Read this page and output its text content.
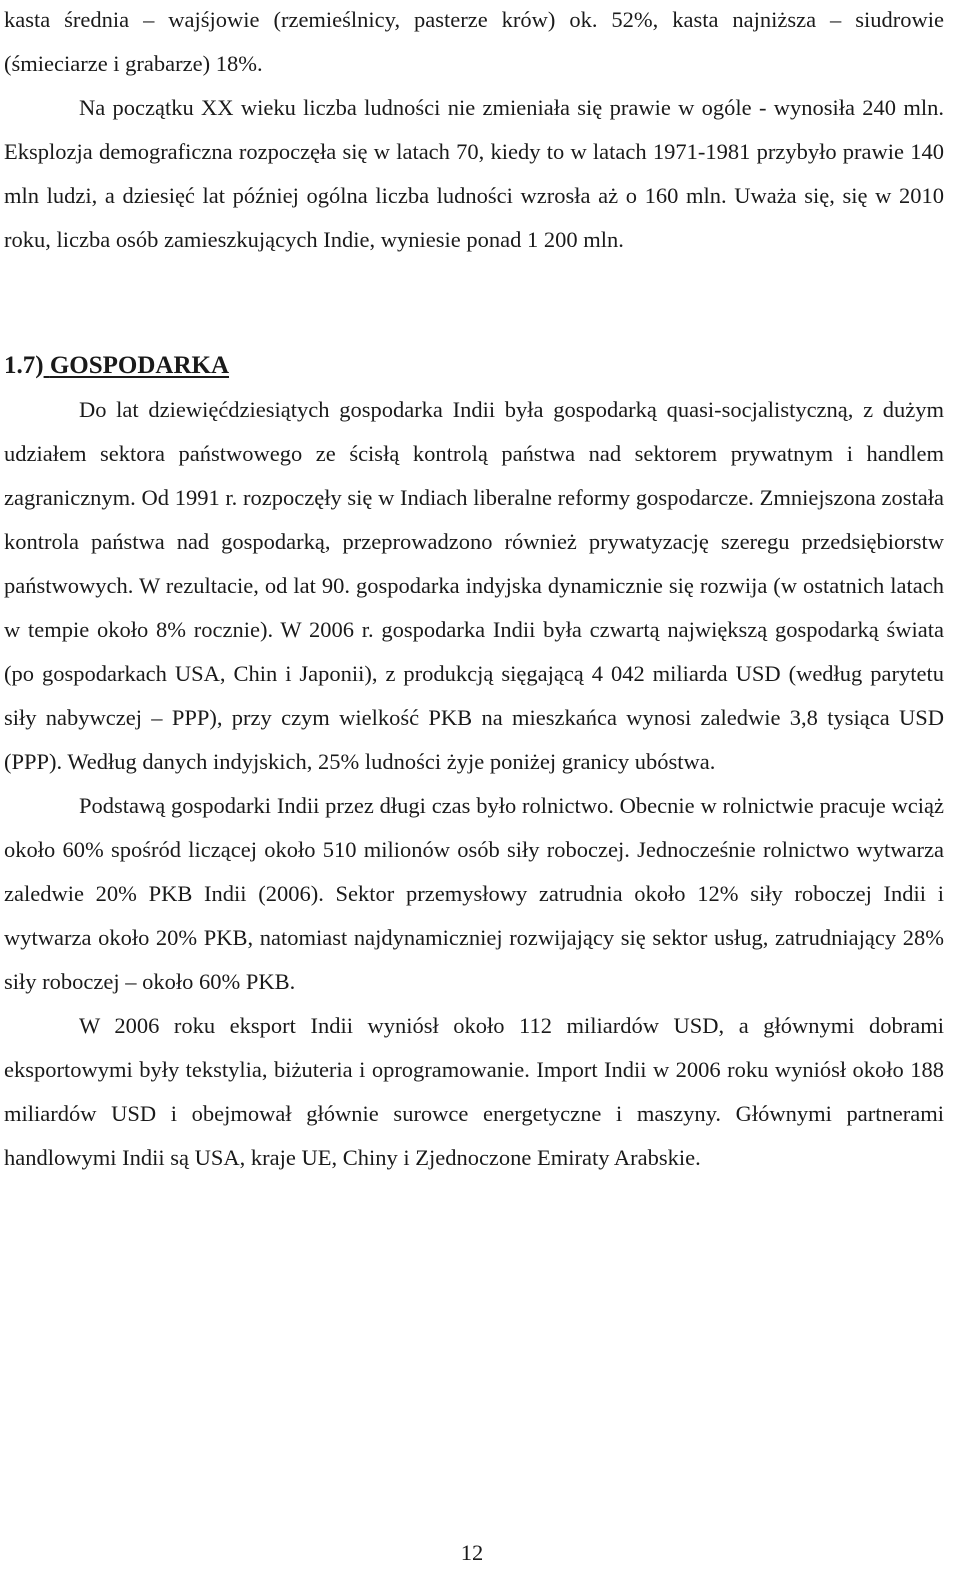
kasta średnia – wajśjowie (rzemieślnicy, pasterze krów) ok. 52%, kasta najniższa – siudrowie (śmieciarze i grabarze) 18%.

Na początku XX wieku liczba ludności nie zmieniała się prawie w ogóle - wynosiła 240 mln. Eksplozja demograficzna rozpoczęła się w latach 70, kiedy to w latach 1971-1981 przybyło prawie 140 mln ludzi, a dziesięć lat później ogólna liczba ludności wzrosła aż o 160 mln. Uważa się, się w 2010 roku, liczba osób zamieszkujących Indie, wyniesie ponad 1 200 mln.

1.7) GOSPODARKA

Do lat dziewięćdziesiątych gospodarka Indii była gospodarką quasi-socjalistyczną, z dużym udziałem sektora państwowego ze ścisłą kontrolą państwa nad sektorem prywatnym i handlem zagranicznym. Od 1991 r. rozpoczęły się w Indiach liberalne reformy gospodarcze. Zmniejszona została kontrola państwa nad gospodarką, przeprowadzono również prywatyzację szeregu przedsiębiorstw państwowych. W rezultacie, od lat 90. gospodarka indyjska dynamicznie się rozwija (w ostatnich latach w tempie około 8% rocznie). W 2006 r. gospodarka Indii była czwartą największą gospodarką świata (po gospodarkach USA, Chin i Japonii), z produkcją sięgającą 4 042 miliarda USD (według parytetu siły nabywczej – PPP), przy czym wielkość PKB na mieszkańca wynosi zaledwie 3,8 tysiąca USD (PPP). Według danych indyjskich, 25% ludności żyje poniżej granicy ubóstwa.

Podstawą gospodarki Indii przez długi czas było rolnictwo. Obecnie w rolnictwie pracuje wciąż około 60% spośród liczącej około 510 milionów osób siły roboczej. Jednocześnie rolnictwo wytwarza zaledwie 20% PKB Indii (2006). Sektor przemysłowy zatrudnia około 12% siły roboczej Indii i wytwarza około 20% PKB, natomiast najdynamiczniej rozwijający się sektor usług, zatrudniający 28% siły roboczej – około 60% PKB.

W 2006 roku eksport Indii wyniósł około 112 miliardów USD, a głównymi dobrami eksportowymi były tekstylia, biżuteria i oprogramowanie. Import Indii w 2006 roku wyniósł około 188 miliardów USD i obejmował głównie surowce energetyczne i maszyny. Głównymi partnerami handlowymi Indii są USA, kraje UE, Chiny i Zjednoczone Emiraty Arabskie.

12
